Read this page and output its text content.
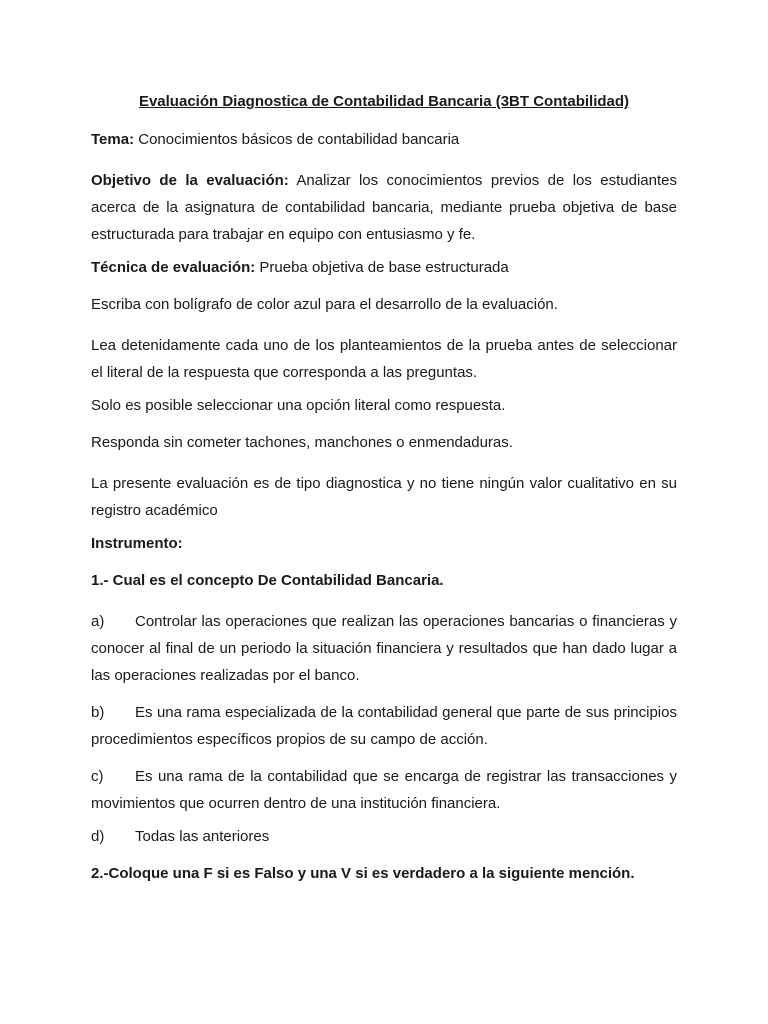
Evaluación Diagnostica de Contabilidad Bancaria (3BT Contabilidad)

Tema: Conocimientos básicos de contabilidad bancaria

Objetivo de la evaluación: Analizar los conocimientos previos de los estudiantes acerca de la asignatura de contabilidad bancaria, mediante prueba objetiva de base estructurada para trabajar en equipo con entusiasmo y fe.

Técnica de evaluación: Prueba objetiva de base estructurada

Escriba con bolígrafo de color azul para el desarrollo de la evaluación.

Lea detenidamente cada uno de los planteamientos de la prueba antes de seleccionar el literal de la respuesta que corresponda a las preguntas.

Solo es posible seleccionar una opción literal como respuesta.

Responda sin cometer tachones, manchones o enmendaduras.

La presente evaluación es de tipo diagnostica y no tiene ningún valor cualitativo en su registro académico

Instrumento:

1.- Cual es el concepto De Contabilidad Bancaria.

a) Controlar las operaciones que realizan las operaciones bancarias o financieras y conocer al final de un periodo la situación financiera y resultados que han dado lugar a las operaciones realizadas por el banco.

b) Es una rama especializada de la contabilidad general que parte de sus principios procedimientos específicos propios de su campo de acción.

c) Es una rama de la contabilidad que se encarga de registrar las transacciones y movimientos que ocurren dentro de una institución financiera.

d) Todas las anteriores

2.-Coloque una F si es Falso y una V si es verdadero a la siguiente mención.
